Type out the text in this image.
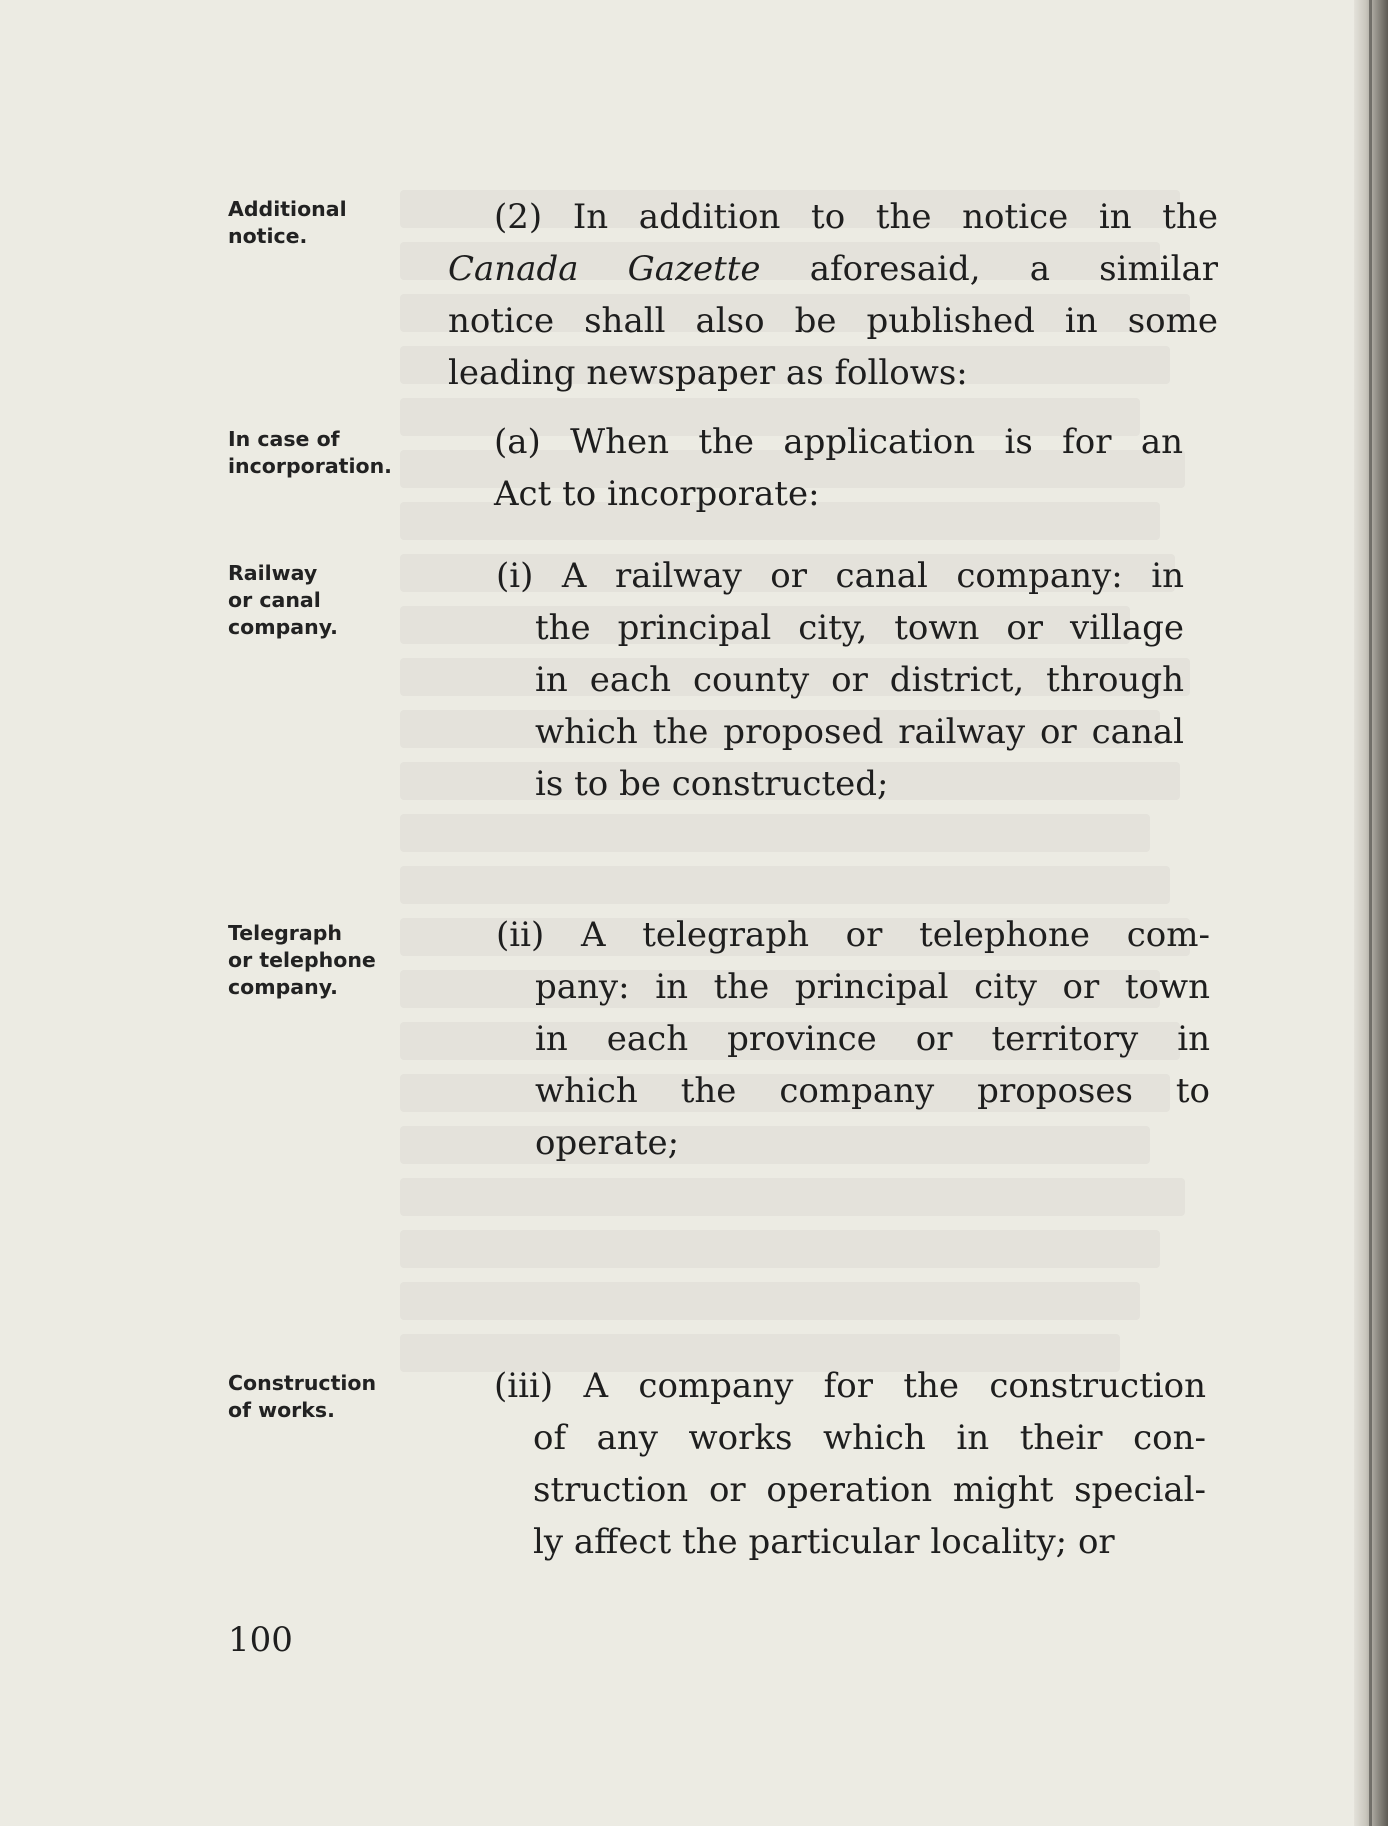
Additional
notice.
In case of
incorporation.
Railway
or canal
company.
Telegraph
or telephone
company.
Construction
of works.
(2) In addition to the notice in the
Canada Gazette aforesaid, a similar
notice shall also be published in some
leading newspaper as follows:
(a) When the application is for an
Act to incorporate:
(i) A railway or canal company: in
the principal city, town or village
in each county or district, through
which the proposed railway or canal
is to be constructed;
(ii) A telegraph or telephone com-
pany: in the principal city or town
in each province or territory in
which the company proposes to
operate;
(iii) A company for the construction
of any works which in their con-
struction or operation might special-
ly affect the particular locality; or
100
